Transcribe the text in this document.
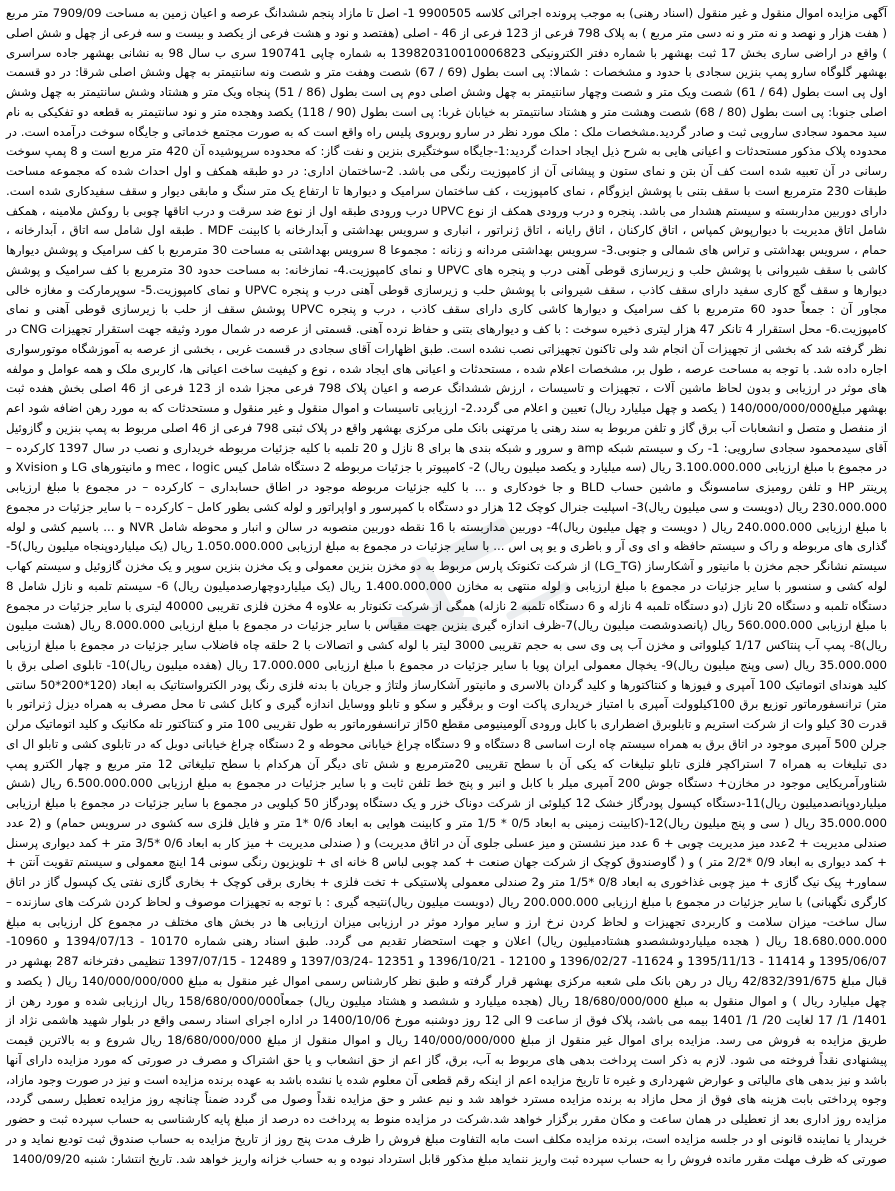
آگهی مزایده اموال منقول و غیر منقول (اسناد رهنی) به موجب پرونده اجرائی کلاسه 9900505 1- اصل تا مازاد پنجم ششدانگ عرصه و اعیان زمین به مساحت 7909/09 متر مربع ( هفت هزار و نهصد و نه متر و نه دسی متر مربع ) به پلاک 798 فرعی از 123 فرعی از 46 - اصلی (هفتصد و نود و هشت فرعی از یکصد و بیست و سه فرعی از چهل و شش اصلی ) واقع در اراضی ساری بخش 17 ثبت بهشهر با شماره دفتر الکترونیکی 139820310010006823 به شماره چاپی 190741 سری ب سال 98 به نشانی بهشهر جاده سراسری بهشهر گلوگاه سارو پمپ بنزین سجادی با حدود و مشخصات : شمالا: پی است بطول (69 / 67) شصت وهفت متر و شصت ونه سانتیمتر به چهل وشش اصلی شرقا: در دو قسمت اول پی است بطول (64 / 61) شصت ویک متر و شصت وچهار سانتیمتر به چهل وشش اصلی دوم پی است بطول (86 / 51) پنجاه ویک متر و هشتاد وشش سانتیمتر به چهل وشش اصلی جنوبا: پی است بطول (80 / 68) شصت وهشت متر و هشتاد سانتیمتر به خیابان غربا: پی است بطول (90 / 118) یکصد وهجده متر و نود سانتیمتر به قطعه دو تفکیکی به نام سید محمود سجادی سارویی ثبت و صادر گردید.مشخصات ملک : ملک مورد نظر در سارو روبروی پلیس راه واقع است که به صورت مجتمع خدماتی و جایگاه سوخت درآمده است. در محدوده پلاک مذکور مستحدثات و اعیانی هایی به شرح ذیل ایجاد احداث گردید:1-جایگاه سوختگیری بنزین و نفت گاز: که محدوده سرپوشیده آن 420 متر مربع است و 8 پمپ سوخت رسانی در آن تعبیه شده است کف آن بتن و نمای ستون و پیشانی آن از کامپوزیت رنگی می باشد. 2-ساختمان اداری: در دو طبقه همکف و اول احداث شده که مجموعه مساحت طبقات 230 مترمربع است با سقف بتنی با پوشش ایزوگام ، نمای کامپوزیت ، کف ساختمان سرامیک و دیوارها تا ارتفاع یک متر سنگ و مابقی دیوار و سقف سفیدکاری شده است. دارای دوربین مداربسته و سیستم هشدار می باشد. پنجره و درب ورودی همکف از نوع UPVC درب ورودی طبقه اول از نوع ضد سرقت و درب اتاقها چوبی با روکش ملامینه ، همکف شامل اتاق مدیریت با دیوارپوش کمپاس ، اتاق کارکنان ، اتاق رایانه ، اتاق ژنراتور ، انباری و سرویس بهداشتی و آبدارخانه با کابینت MDF . طبقه اول شامل سه اتاق ، آبدارخانه ، حمام ، سرویس بهداشتی و تراس های شمالی و جنوبی.3- سرویس بهداشتی مردانه و زنانه : مجموعا 8 سرویس بهداشتی به مساحت 30 مترمربع با کف سرامیک و پوشش دیوارها کاشی با سقف شیروانی با پوشش حلب و زیرسازی قوطی آهنی درب و پنجره های UPVC و نمای کامپوزیت.4- نمازخانه: به مساحت حدود 30 مترمربع با کف سرامیک و پوشش دیوارها و سقف گچ کاری سفید دارای سقف کاذب ، سقف شیروانی با پوشش حلب و زیرسازی قوطی آهنی درب و پنجره UPVC و نمای کامپوزیت.5- سوپرمارکت و مغازه خالی مجاور آن : جمعاً حدود 60 مترمربع با کف سرامیک و دیوارها کاشی کاری دارای سقف کاذب ، درب و پنجره UPVC پوشش سقف از حلب با زیرسازی قوطی آهنی و نمای کامپوزیت.6- محل استقرار 4 تانکر 47 هزار لیتری ذخیره سوخت : با کف و دیوارهای بتنی و حفاظ نرده آهنی. قسمتی از عرصه در شمال مورد وثیقه جهت استقرار تجهیزات CNG در نظر گرفته شد که بخشی از تجهیزات آن انجام شد ولی تاکنون تجهیزاتی نصب نشده است. طبق اظهارات آقای سجادی در قسمت غربی ، بخشی از عرصه به آموزشگاه موتورسواری اجاره داده شد. با توجه به مساحت عرصه ، طول بر، مشخصات اعلام شده ، مستحدثات و اعیانی های ایجاد شده ، نوع و کیفیت ساخت اعیانی ها، کاربری ملک و همه عوامل و مولفه های موثر در ارزیابی و بدون لحاظ ماشین آلات ، تجهیزات و تاسیسات ، ارزش ششدانگ عرصه و اعیان پلاک 798 فرعی مجزا شده از 123 فرعی از 46 اصلی بخش هفده ثبت بهشهر مبلغ140/000/000/000 ( یکصد و چهل میلیارد ریال) تعیین و اعلام می گردد.2- ارزیابی تاسیسات و اموال منقول و غیر منقول و مستحدثات که به مورد رهن اضافه شود اعم از منفصل و متصل و انشعابات آب برق گاز و تلفن مربوط به سند رهنی یا مرتهنی بانک ملی مرکزی بهشهر واقع در پلاک ثبتی 798 فرعی از 46 اصلی مربوط به پمپ بنزین و گازوئیل آقای سیدمحمود سجادی سارویی: 1- رک و سیستم شبکه amp و سرور و شبکه بندی ها برای 8 نازل و 20 تلمبه با کلیه جزئیات مربوطه خریداری و نصب در سال 1397 کارکرده – در مجموع با مبلغ ارزیابی 3.100.000.000 ریال (سه میلیارد و یکصد میلیون ریال) 2- کامپیوتر با جزئیات مربوطه 2 دستگاه شامل کیس mec ، logic و مانیتورهای LG و Xvision و پرینتر HP و تلفن رومیزی سامسونگ و ماشین حساب BLD و جا خودکاری و ... با کلیه جزئیات مربوطه موجود در اطاق حسابداری – کارکرده – در مجموع با مبلغ ارزیابی 230.000.000 ریال (دویست و سی میلیون ریال)3- اسپلیت جنرال کوچک 12 هزار دو دستگاه با کمپرسور و اواپراتور و لوله کشی بطور کامل – کارکرده – با سایر جزئیات در مجموع با مبلغ ارزیابی 240.000.000 ریال ( دویست و چهل میلیون ریال)4- دوربین مداربسته با 16 نقطه دوربین منصوبه در سالن و انبار و محوطه شامل NVR و ... باسیم کشی و لوله گذاری های مربوطه و راک و سیستم حافظه و ای وی آر و باطری و یو پی اس ... با سایر جزئیات در مجموع به مبلغ ارزیابی 1.050.000.000 ریال (یک میلیاردوپنجاه میلیون ریال)5- سیستم نشانگر حجم مخزن با مانیتور و آشکارساز (LG_TG) از شرکت تکنوتک پارس مربوط به دو مخزن بنزین معمولی و یک مخزن بنزین سوپر و یک مخزن گازوئیل و سیستم کهاب لوله کشی و سنسور با سایر جزئیات در مجموع با مبلغ ارزیابی و لوله منتهی به مخازن 1.400.000.000 ریال (یک میلیاردوچهارصدمیلیون ریال) 6- سیستم تلمبه و نازل شامل 8 دستگاه تلمبه و دستگاه 20 نازل (دو دستگاه تلمبه 4 نازله و 6 دستگاه تلمبه 2 نازله) همگی از شرکت تکنوتار به علاوه 4 مخزن فلزی تقریبی 40000 لیتری با سایر جزئیات در مجموع با مبلغ ارزیابی 560.000.000 ریال (پانصدوشصت میلیون ریال)7-ظرف اندازه گیری بنزین جهت مقیاس با سایر جزئیات در مجموع با مبلغ ارزیابی 8.000.000 ریال (هشت میلیون ریال)8- پمپ آب پنتاکس 1/17 کیلوواتی و مخزن آب پی وی سی به حجم تقریبی 3000 لیتر با لوله کشی و اتصالات با 2 حلقه چاه فاضلاب سایر جزئیات در مجموع با مبلغ ارزیابی 35.000.000 ریال (سی وپنج میلیون ریال)9- یخچال معمولی ایران پویا با سایر جزئیات در مجموع با مبلغ ارزیابی 17.000.000 ریال (هفده میلیون ریال)10- تابلوی اصلی برق با کلید هوندای اتوماتیک 100 آمپری و فیوزها و کنتاکتورها و کلید گردان بالاسری و مانیتور آشکارساز ولتاژ و جریان با بدنه فلزی رنگ پودر الکترواستاتیک به ابعاد (120*200*50 سانتی متر) ترانسفورماتور توزیع برق 100کیلوولت آمپری با امتیاز خریداری پاکت اوت و برقگیر و سکو و تابلو ووسایل اندازه گیری و کابل کشی تا محل مصرف به همراه دیزل ژنراتور با قدرت 30 کیلو وات از شرکت استریم و تابلوبرق اضطراری با کابل ورودی آلومینیومی مقطع 50از ترانسفورماتور به طول تقریبی 100 متر و کنتاکتور تله مکانیک و کلید اتوماتیک مرلن جرلن 500 آمپری موجود در اتاق برق به همراه سیستم چاه ارت اساسی 8 دستگاه و 9 دستگاه چراغ خیابانی محوطه و 2 دستگاه چراغ خیابانی دوبل که در تابلوی کشی و تابلو ال ای دی تبلیغات به همراه 7 استراکچر فلزی تابلو تبلیغات که یکی آن با سطح تقریبی 20مترمربع و شش تای دیگر آن هرکدام با سطح تبلیغاتی 12 متر مربع و چهار الکترو پمپ شناورآمریکایی موجود در مخازن+ دستگاه جوش 200 آمپری میلر با کابل و انبر و پنج خط تلفن ثابت و با سایر جزئیات در مجموع به مبلغ ارزیابی 6.500.000.000 ریال (شش میلیاردوپانصدمیلیون ریال)11-دستگاه کپسول پودرگاز خشک 12 کیلوئی از شرکت دوناک خزر و یک دستگاه پودرگاز 50 کیلویی در مجموع با سایر جزئیات در مجموع با مبلغ ارزیابی 35.000.000 ریال ( سی و پنج میلیون ریال)12-(کابینت زمینی به ابعاد 0/5 * 1/5 متر و کابینت هوایی به ابعاد 0/6 *1 متر و فایل فلزی سه کشوی در سرویس حمام) و (2 عدد صندلی مدیریت + 2عدد میز مدیریت چوبی + 6 عدد میز نشستن و میز عسلی جلوی آن در اتاق مدیریت) و ( صندلی مدیریت + میز کار به ابعاد 0/6 *3/5 متر + کمد دیواری پرسنل + کمد دیواری به ابعاد 0/9 *2/2 متر ) و ( گاوصندوق کوچک از شرکت جهان صنعت + کمد چوبی لباس 8 خانه ای + تلویزیون رنگی سونی 14 اینچ معمولی و سیستم تقویت آنتن + سماور+ پیک نیک گازی + میز چوبی غذاخوری به ابعاد 0/8 *1/5 متر و2 صندلی معمولی پلاستیکی + تخت فلزی + بخاری برقی کوچک + بخاری گازی نفتی یک کپسول گاز در اتاق کارگری نگهبانی) با سایر جزئیات در مجموع با مبلغ ارزیابی 200.000.000 ریال (دویست میلیون ریال)نتیجه گیری : با توجه به تجهیزات موصوف و لحاظ کردن شرکت های سازنده – سال ساخت- میزان سلامت و کاربردی تجهیزات و لحاظ کردن نرخ ارز و سایر موارد موثر در ارزیابی میزان ارزیابی ها در بخش های مختلف در مجموع کل ارزیابی به مبلغ 18.680.000.000 ریال ( هجده میلیاردوششصدو هشتادمیلیون ریال) اعلان و جهت استحضار تقدیم می گردد. طبق اسناد رهنی شماره 10170 - 1394/07/13 و 10960- 1395/06/07 و 11414 - 1395/11/13 و 11624- 1396/02/27 و 12100 - 1396/10/21 و 12351 -1397/03/24 و 12489 - 1397/07/15 تنظیمی دفترخانه 287 بهشهر در قبال مبلغ 42/832/391/675 ریال در رهن بانک ملی شعبه مرکزی بهشهر قرار گرفته و طبق نظر کارشناس رسمی اموال غیر منقول به مبلغ 140/000/000/000 ریال ( یکصد و چهل میلیارد ریال ) و اموال منقول به مبلغ 18/680/000/000 ریال (هجده میلیارد و ششصد و هشتاد میلیون ریال) جمعاً158/680/000/000 ریال ارزیابی شده و مورد رهن از 1401/ 1/ 17 لغایت 20/ 1/ 1401 بیمه می باشد، پلاک فوق از ساعت 9 الی 12 روز دوشنبه مورخ 1400/10/06 در اداره اجرای اسناد رسمی واقع در بلوار شهید هاشمی نژاد از طریق مزایده به فروش می رسد. مزایده برای اموال غیر منقول از مبلغ 140/000/000/000 ریال و اموال منقول از مبلغ 18/680/000/000 ریال شروع و به بالاترین قیمت پیشنهادی نقداً فروخته می شود. لازم به ذکر است پرداخت بدهی های مربوط به آب، برق، گاز اعم از حق انشعاب و یا حق اشتراک و مصرف در صورتی که مورد مزایده دارای آنها باشد و نیز بدهی های مالیاتی و عوارض شهرداری و غیره تا تاریخ مزایده اعم از اینکه رقم قطعی آن معلوم شده یا نشده باشد به عهده برنده مزایده است و نیز در صورت وجود مازاد، وجوه پرداختی بابت هزینه های فوق از محل مازاد به برنده مزایده مسترد خواهد شد و نیم عشر و حق مزایده نقداً وصول می گردد ضمناً چنانچه روز مزایده تعطیل رسمی گردد، مزایده روز اداری بعد از تعطیلی در همان ساعت و مکان مقرر برگزار خواهد شد.شرکت در مزایده منوط به پرداخت ده درصد از مبلغ پایه کارشناسی به حساب سپرده ثبت و حضور خریدار یا نماینده قانونی او در جلسه مزایده است، برنده مزایده مکلف است مابه التفاوت مبلغ فروش را ظرف مدت پنج روز از تاریخ مزایده به حساب صندوق ثبت تودیع نماید و در صورتی که ظرف مهلت مقرر مانده فروش را به حساب سپرده ثبت واریز ننماید مبلغ مذکور قابل استرداد نبوده و به حساب خزانه واریز خواهد شد. تاریخ انتشار: شنبه 1400/09/20
